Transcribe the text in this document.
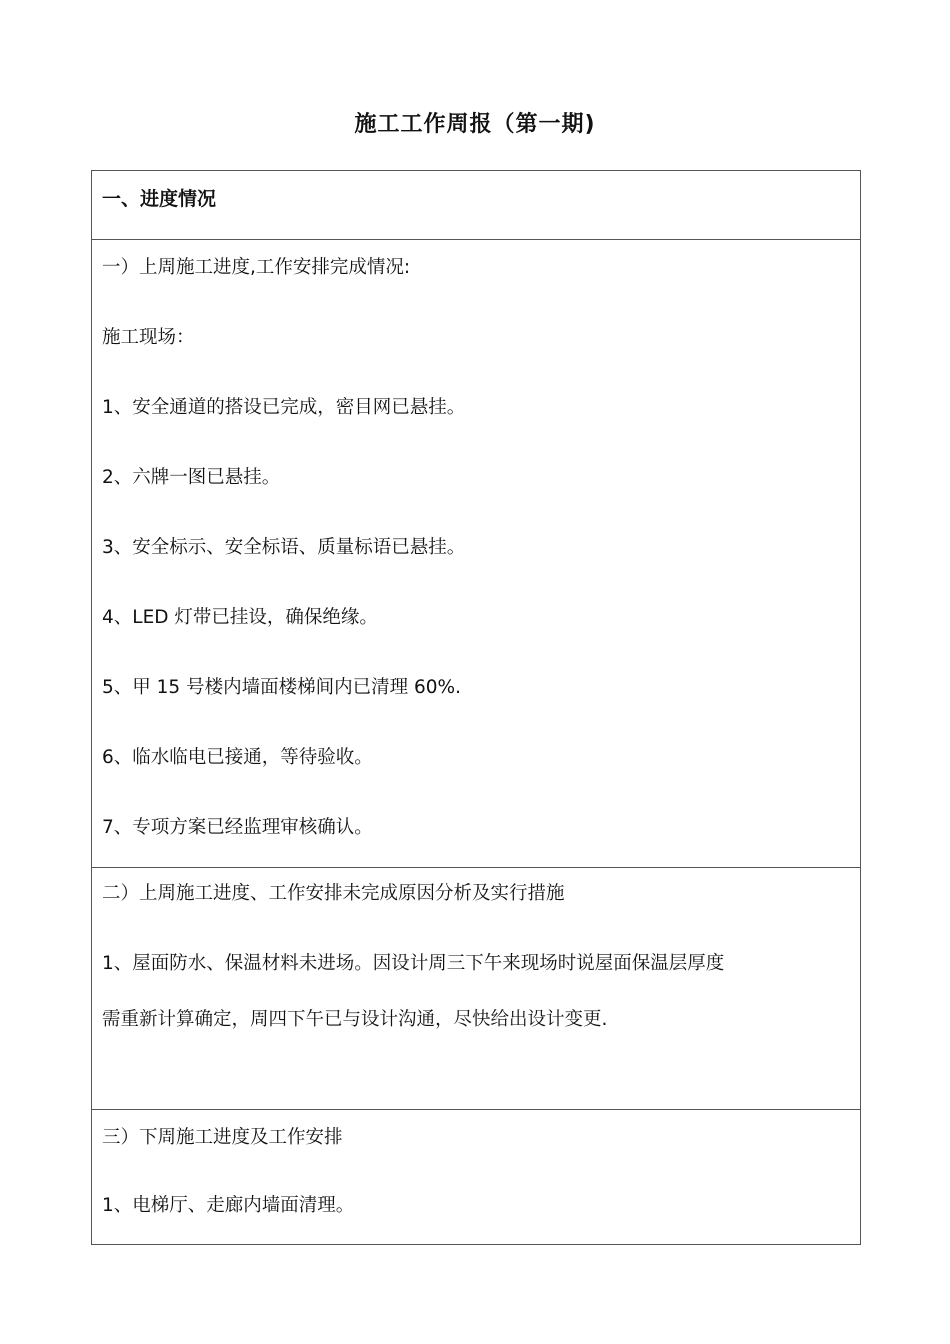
施工工作周报（第一期)
一、进度情况
一）上周施工进度,工作安排完成情况:
施工现场：
1、安全通道的搭设已完成，密目网已悬挂。
2、六牌一图已悬挂。
3、安全标示、安全标语、质量标语已悬挂。
4、LED 灯带已挂设，确保绝缘。
5、甲 15 号楼内墙面楼梯间内已清理 60%.
6、临水临电已接通，等待验收。
7、专项方案已经监理审核确认。
二）上周施工进度、工作安排未完成原因分析及实行措施
1、屋面防水、保温材料未进场。因设计周三下午来现场时说屋面保温层厚度
需重新计算确定，周四下午已与设计沟通，尽快给出设计变更.
三）下周施工进度及工作安排
1、电梯厅、走廊内墙面清理。
